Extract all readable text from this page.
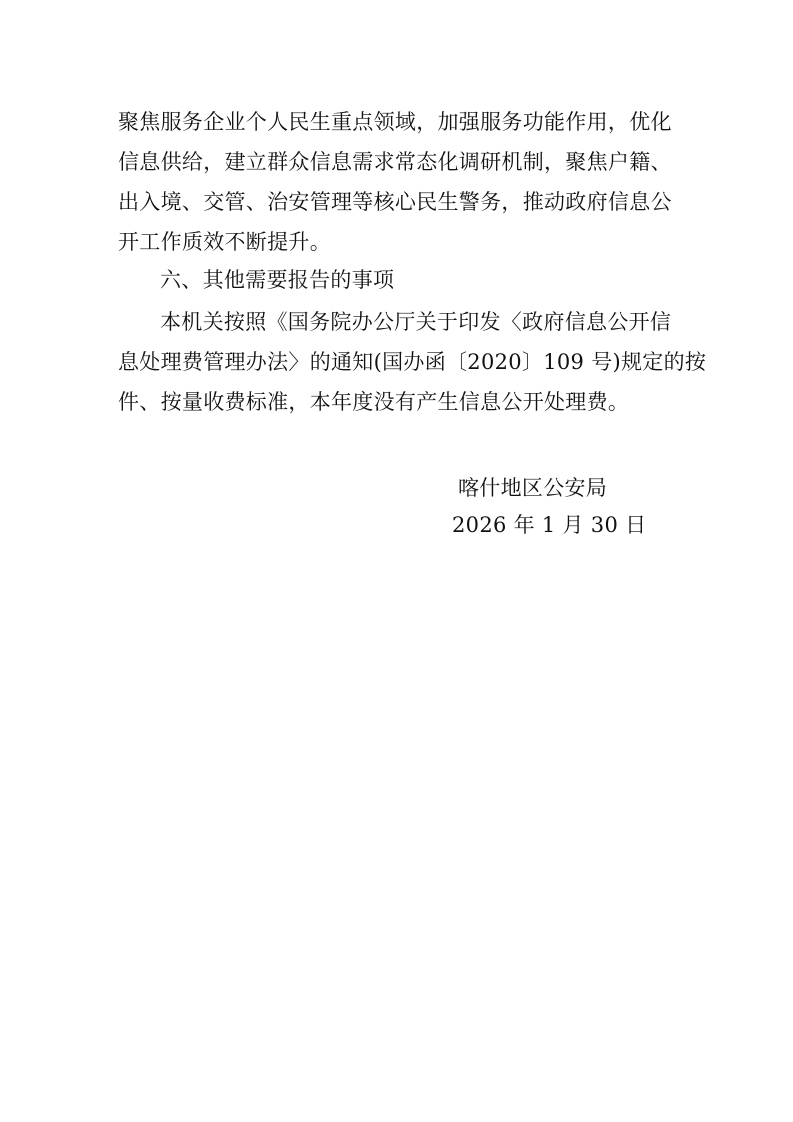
聚焦服务企业个人民生重点领域，加强服务功能作用，优化
信息供给，建立群众信息需求常态化调研机制，聚焦户籍、
出入境、交管、治安管理等核心民生警务，推动政府信息公
开工作质效不断提升。
六、其他需要报告的事项
本机关按照《国务院办公厅关于印发〈政府信息公开信
息处理费管理办法〉的通知(国办函〔2020〕109 号)规定的按
件、按量收费标准，本年度没有产生信息公开处理费。
喀什地区公安局
2026 年 1 月 30 日
